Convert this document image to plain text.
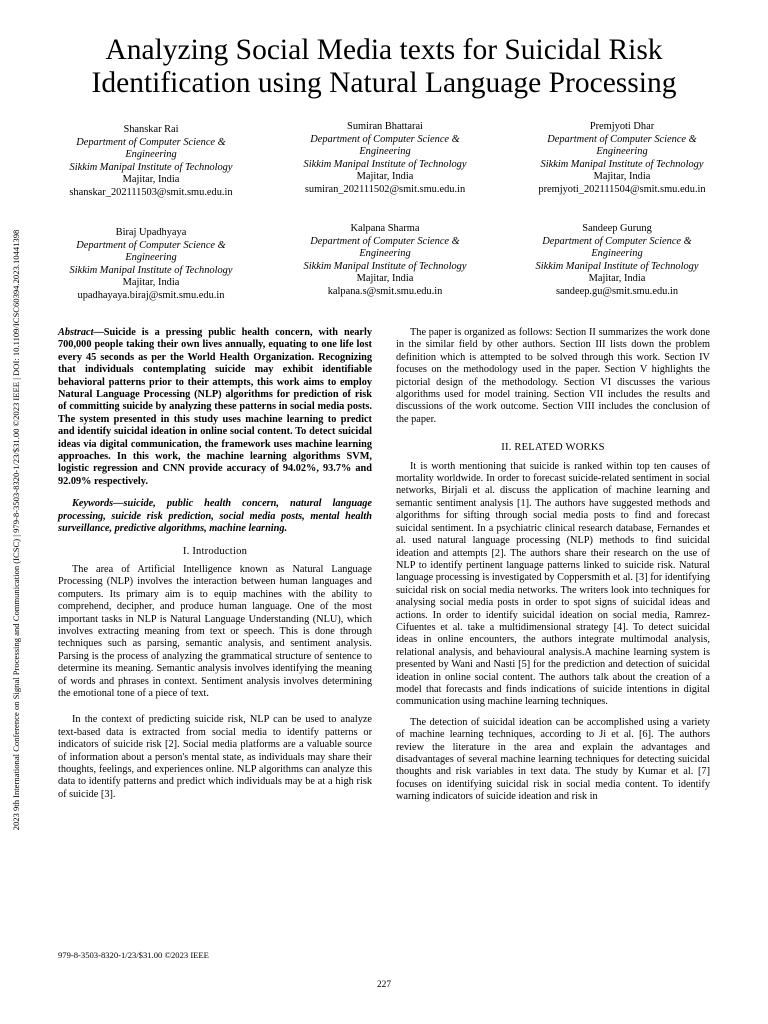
2023 9th International Conference on Signal Processing and Communication (ICSC) | 979-8-3503-8320-1/23/$31.00 ©2023 IEEE | DOI: 10.1109/ICSC60394.2023.10441398
Analyzing Social Media texts for Suicidal Risk
Identification using Natural Language Processing
Shanskar Rai
Department of Computer Science &
Engineering
Sikkim Manipal Institute of Technology
Majitar, India
shanskar_202111503@smit.smu.edu.in
Sumiran Bhattarai
Department of Computer Science &
Engineering
Sikkim Manipal Institute of Technology
Majitar, India
sumiran_202111502@smit.smu.edu.in
Premjyoti Dhar
Department of Computer Science &
Engineering
Sikkim Manipal Institute of Technology
Majitar, India
premjyoti_202111504@smit.smu.edu.in
Biraj Upadhyaya
Department of Computer Science &
Engineering
Sikkim Manipal Institute of Technology
Majitar, India
upadhayaya.biraj@smit.smu.edu.in
Kalpana Sharma
Department of Computer Science &
Engineering
Sikkim Manipal Institute of Technology
Majitar, India
kalpana.s@smit.smu.edu.in
Sandeep Gurung
Department of Computer Science &
Engineering
Sikkim Manipal Institute of Technology
Majitar, India
sandeep.gu@smit.smu.edu.in

Abstract—Suicide is a pressing public health concern, with nearly 700,000 people taking their own lives annually, equating to one life lost every 45 seconds as per the World Health Organization. Recognizing that individuals contemplating suicide may exhibit identifiable behavioral patterns prior to their attempts, this work aims to employ Natural Language Processing (NLP) algorithms for prediction of risk of committing suicide by analyzing these patterns in social media posts. The system presented in this study uses machine learning to predict and identify suicidal ideation in online social content. To detect suicidal ideas via digital communication, the framework uses machine learning approaches. In this work, the machine learning algorithms SVM, logistic regression and CNN provide accuracy of 94.02%, 93.7% and 92.09% respectively.

Keywords—suicide, public health concern, natural language processing, suicide risk prediction, social media posts, mental health surveillance, predictive algorithms, machine learning.

I. Introduction

The area of Artificial Intelligence known as Natural Language Processing (NLP) involves the interaction between human languages and computers. Its primary aim is to equip machines with the ability to comprehend, decipher, and produce human language. One of the most important tasks in NLP is Natural Language Understanding (NLU), which involves extracting meaning from text or speech. This is done through techniques such as parsing, semantic analysis, and sentiment analysis. Parsing is the process of analyzing the grammatical structure of sentence to determine its meaning. Semantic analysis involves identifying the meaning of words and phrases in context. Sentiment analysis involves determining the emotional tone of a piece of text.

In the context of predicting suicide risk, NLP can be used to analyze text-based data is extracted from social media to identify patterns or indicators of suicide risk [2]. Social media platforms are a valuable source of information about a person's mental state, as individuals may share their thoughts, feelings, and experiences online. NLP algorithms can analyze this data to identify patterns and predict which individuals may be at a high risk of suicide [3].

The paper is organized as follows: Section II summarizes the work done in the similar field by other authors. Section III lists down the problem definition which is attempted to be solved through this work. Section IV focuses on the methodology used in the paper. Section V highlights the pictorial design of the methodology. Section VI discusses the various algorithms used for model training. Section VII includes the results and discussions of the work outcome. Section VIII includes the conclusion of the paper.

II. RELATED WORKS

It is worth mentioning that suicide is ranked within top ten causes of mortality worldwide. In order to forecast suicide-related sentiment in social networks, Birjali et al. discuss the application of machine learning and semantic sentiment analysis [1]. The authors have suggested methods and algorithms for sifting through social media posts to find and forecast suicidal sentiment. In a psychiatric clinical research database, Fernandes et al. used natural language processing (NLP) methods to find suicidal ideation and attempts [2]. The authors share their research on the use of NLP to identify pertinent language patterns linked to suicide risk. Natural language processing is investigated by Coppersmith et al. [3] for identifying suicidal risk on social media networks. The writers look into techniques for analysing social media posts in order to spot signs of suicidal ideas and actions. In order to identify suicidal ideation on social media, Ramrez-Cifuentes et al. take a multidimensional strategy [4]. To detect suicidal ideas in online encounters, the authors integrate multimodal analysis, relational analysis, and behavioural analysis.A machine learning system is presented by Wani and Nasti [5] for the prediction and detection of suicidal ideation in online social content. The authors talk about the creation of a model that forecasts and finds indications of suicide intentions in digital communication using machine learning techniques.

The detection of suicidal ideation can be accomplished using a variety of machine learning techniques, according to Ji et al. [6]. The authors review the literature in the area and explain the advantages and disadvantages of several machine learning techniques for detecting suicidal thoughts and risk variables in text data. The study by Kumar et al. [7] focuses on identifying suicidal risk in social media content. To identify warning indicators of suicide ideation and risk in

979-8-3503-8320-1/23/$31.00 ©2023 IEEE
227
